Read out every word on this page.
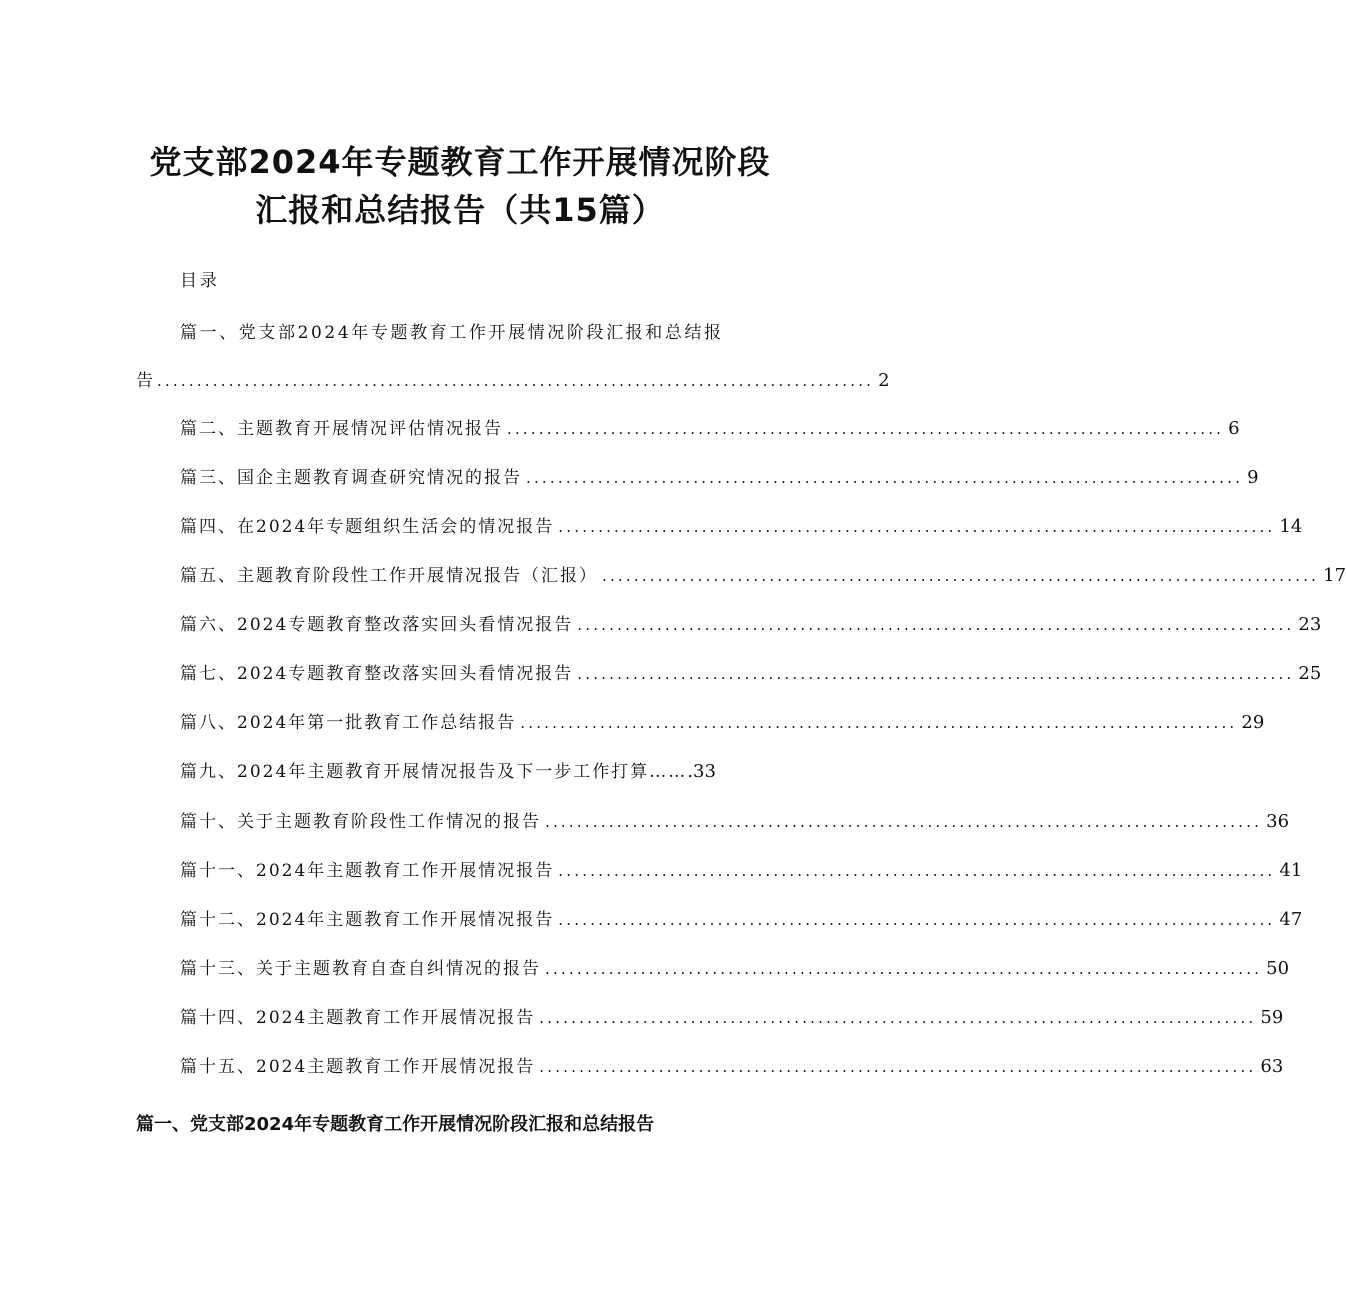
党支部2024年专题教育工作开展情况阶段
汇报和总结报告（共15篇）
目录
篇一、党支部2024年专题教育工作开展情况阶段汇报和总结报
告 .......................................................................................... 2
篇二、主题教育开展情况评估情况报告 .......................................................................................... 6
篇三、国企主题教育调查研究情况的报告 .......................................................................................... 9
篇四、在2024年专题组织生活会的情况报告 .......................................................................................... 14
篇五、主题教育阶段性工作开展情况报告（汇报） .......................................................................................... 17
篇六、2024专题教育整改落实回头看情况报告 .......................................................................................... 23
篇七、2024专题教育整改落实回头看情况报告 .......................................................................................... 25
篇八、2024年第一批教育工作总结报告 .......................................................................................... 29
篇九、2024年主题教育开展情况报告及下一步工作打算…… .33
篇十、关于主题教育阶段性工作情况的报告 .......................................................................................... 36
篇十一、2024年主题教育工作开展情况报告 .......................................................................................... 41
篇十二、2024年主题教育工作开展情况报告 .......................................................................................... 47
篇十三、关于主题教育自查自纠情况的报告 .......................................................................................... 50
篇十四、2024主题教育工作开展情况报告 .......................................................................................... 59
篇十五、2024主题教育工作开展情况报告 .......................................................................................... 63
篇一、党支部2024年专题教育工作开展情况阶段汇报和总结报告
